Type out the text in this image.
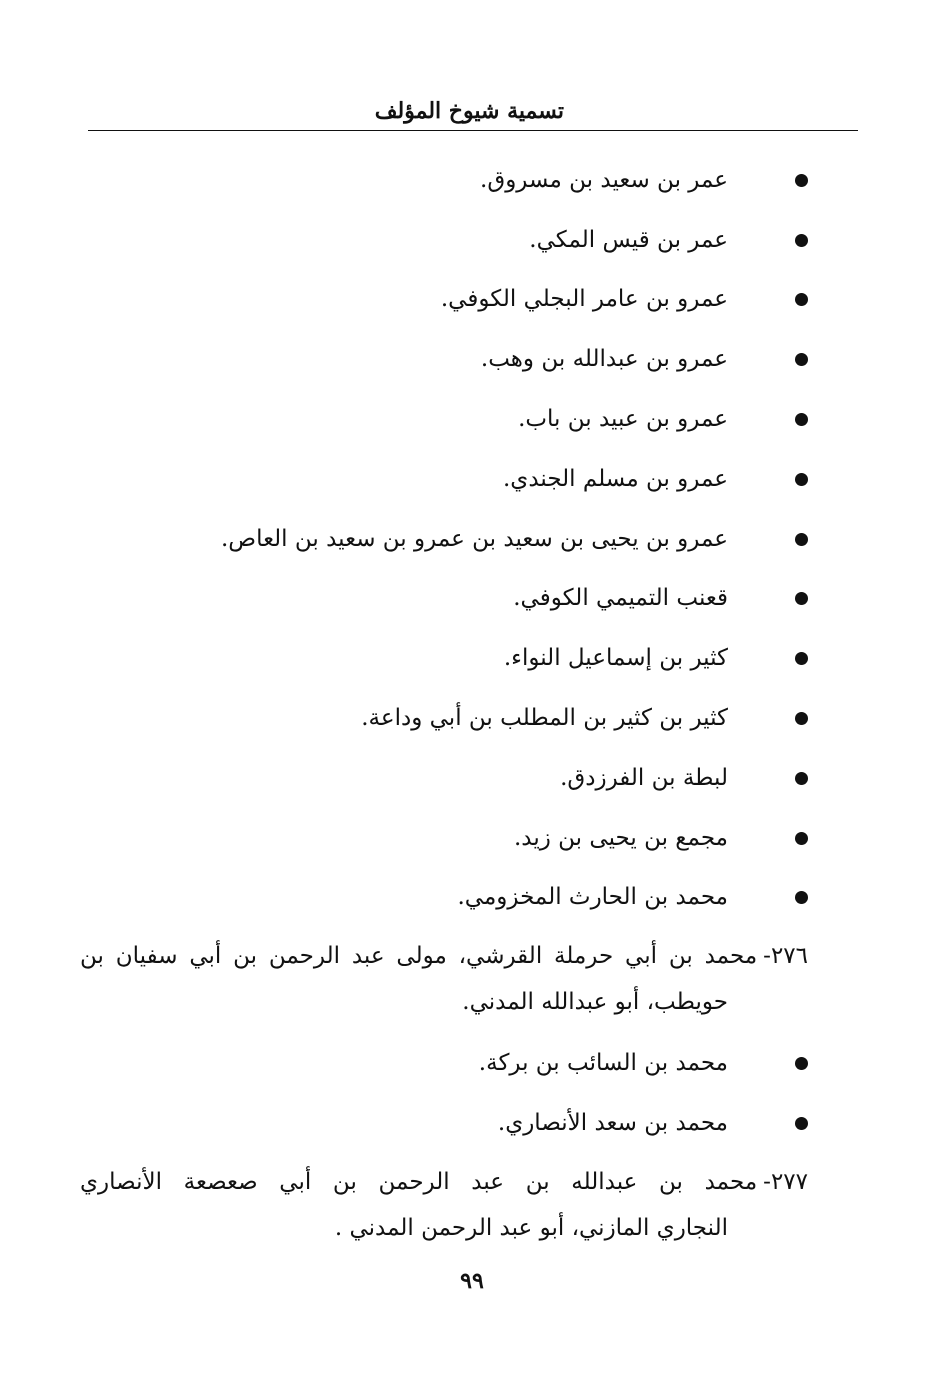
تسمية شيوخ المؤلف
عمر بن سعيد بن مسروق.
عمر بن قيس المكي.
عمرو بن عامر البجلي الكوفي.
عمرو بن عبدالله بن وهب.
عمرو بن عبيد بن باب.
عمرو بن مسلم الجندي.
عمرو بن يحيى بن سعيد بن عمرو بن سعيد بن العاص.
قعنب التميمي الكوفي.
كثير بن إسماعيل النواء.
كثير بن كثير بن المطلب بن أبي وداعة.
لبطة بن الفرزدق.
مجمع بن يحيى بن زيد.
محمد بن الحارث المخزومي.
٢٧٦-
محمد بن أبي حرملة القرشي، مولى عبد الرحمن بن أبي سفيان بن
حويطب، أبو عبدالله المدني.
محمد بن السائب بن بركة.
محمد بن سعد الأنصاري.
٢٧٧-
محمد بن عبدالله بن عبد الرحمن بن أبي صعصعة الأنصاري
النجاري المازني، أبو عبد الرحمن المدني .
٩٩
